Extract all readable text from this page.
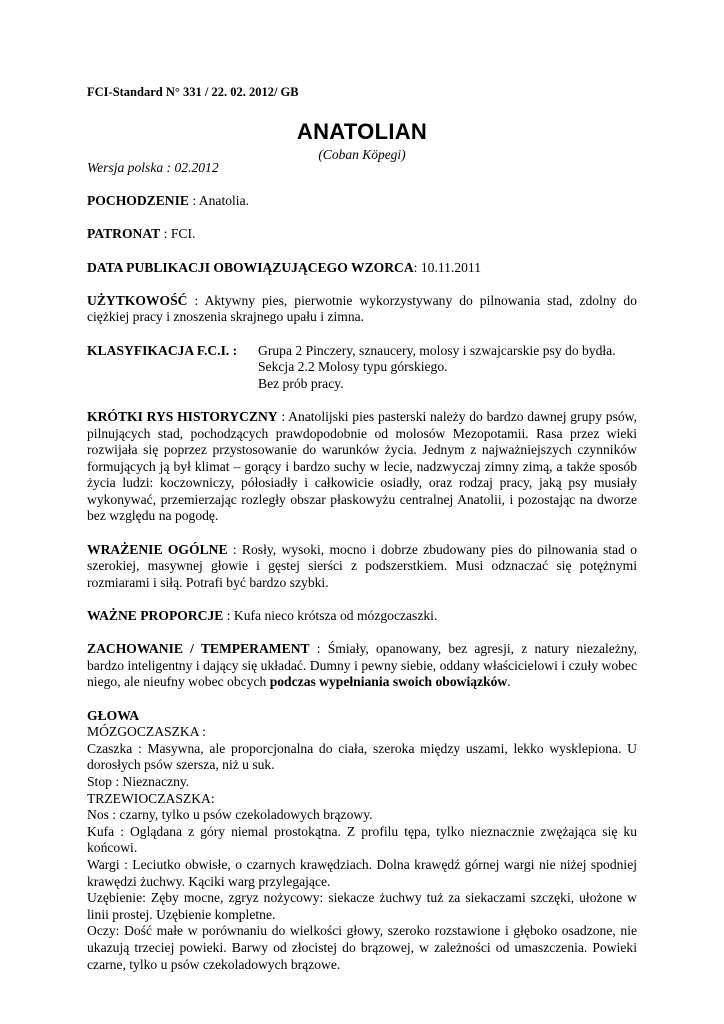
FCI-Standard N° 331 / 22. 02. 2012/ GB
ANATOLIAN
(Coban Köpegi)

Wersja polska : 02.2012

POCHODZENIE : Anatolia.

PATRONAT : FCI.

DATA PUBLIKACJI OBOWIĄZUJĄCEGO WZORCA: 10.11.2011

UŻYTKOWOŚĆ : Aktywny pies, pierwotnie wykorzystywany do pilnowania stad, zdolny do ciężkiej pracy i znoszenia skrajnego upału i zimna.

KLASYFIKACJA F.C.I. :	Grupa 2 Pinczery, sznaucery, molosy i szwajcarskie psy do bydła.

Sekcja 2.2 Molosy typu górskiego.

Bez prób pracy.

KRÓTKI RYS HISTORYCZNY : Anatolijski pies pasterski należy do bardzo dawnej grupy psów, pilnujących stad, pochodzących prawdopodobnie od molosów Mezopotamii. Rasa przez wieki rozwijała się poprzez przystosowanie do warunków życia. Jednym z najważniejszych czynników formujących ją był klimat – gorący i bardzo suchy w lecie, nadzwyczaj zimny zimą, a także sposób życia ludzi: koczowniczy, półosiadły i całkowicie osiadły, oraz rodzaj pracy, jaką psy musiały wykonywać, przemierzając rozległy obszar płaskowyżu centralnej Anatolii, i pozostając na dworze bez względu na pogodę.

WRAŻENIE OGÓLNE : Rosły, wysoki, mocno i dobrze zbudowany pies do pilnowania stad o szerokiej, masywnej głowie i gęstej sierści z podszerstkiem. Musi odznaczać się potężnymi rozmiarami i siłą. Potrafi być bardzo szybki.

WAŻNE PROPORCJE : Kufa nieco krótsza od mózgoczaszki.

ZACHOWANIE / TEMPERAMENT : Śmiały, opanowany, bez agresji, z natury niezależny, bardzo inteligentny i dający się układać. Dumny i pewny siebie, oddany właścicielowi i czuły wobec niego, ale nieufny wobec obcych podczas wypełniania swoich obowiązków.

GŁOWA

MÓZGOCZASZKA :

Czaszka : Masywna, ale proporcjonalna do ciała, szeroka między uszami, lekko wysklepiona. U dorosłych psów szersza, niż u suk.

Stop : Nieznaczny.

TRZEWIOCZASZKA:

Nos : czarny, tylko u psów czekoladowych brązowy.

Kufa : Oglądana z góry niemal prostokątna. Z profilu tępa, tylko nieznacznie zwężająca się ku końcowi.

Wargi : Leciutko obwisłe, o czarnych krawędziach. Dolna krawędź górnej wargi nie niżej spodniej krawędzi żuchwy. Kąciki warg przylegające.

Uzębienie: Zęby mocne, zgryz nożycowy: siekacze żuchwy tuż za siekaczami szczęki, ułożone w linii prostej. Uzębienie kompletne.

Oczy: Dość małe w porównaniu do wielkości głowy, szeroko rozstawione i głęboko osadzone, nie ukazują trzeciej powieki. Barwy od złocistej do brązowej, w zależności od umaszczenia. Powieki czarne, tylko u psów czekoladowych brązowe.
